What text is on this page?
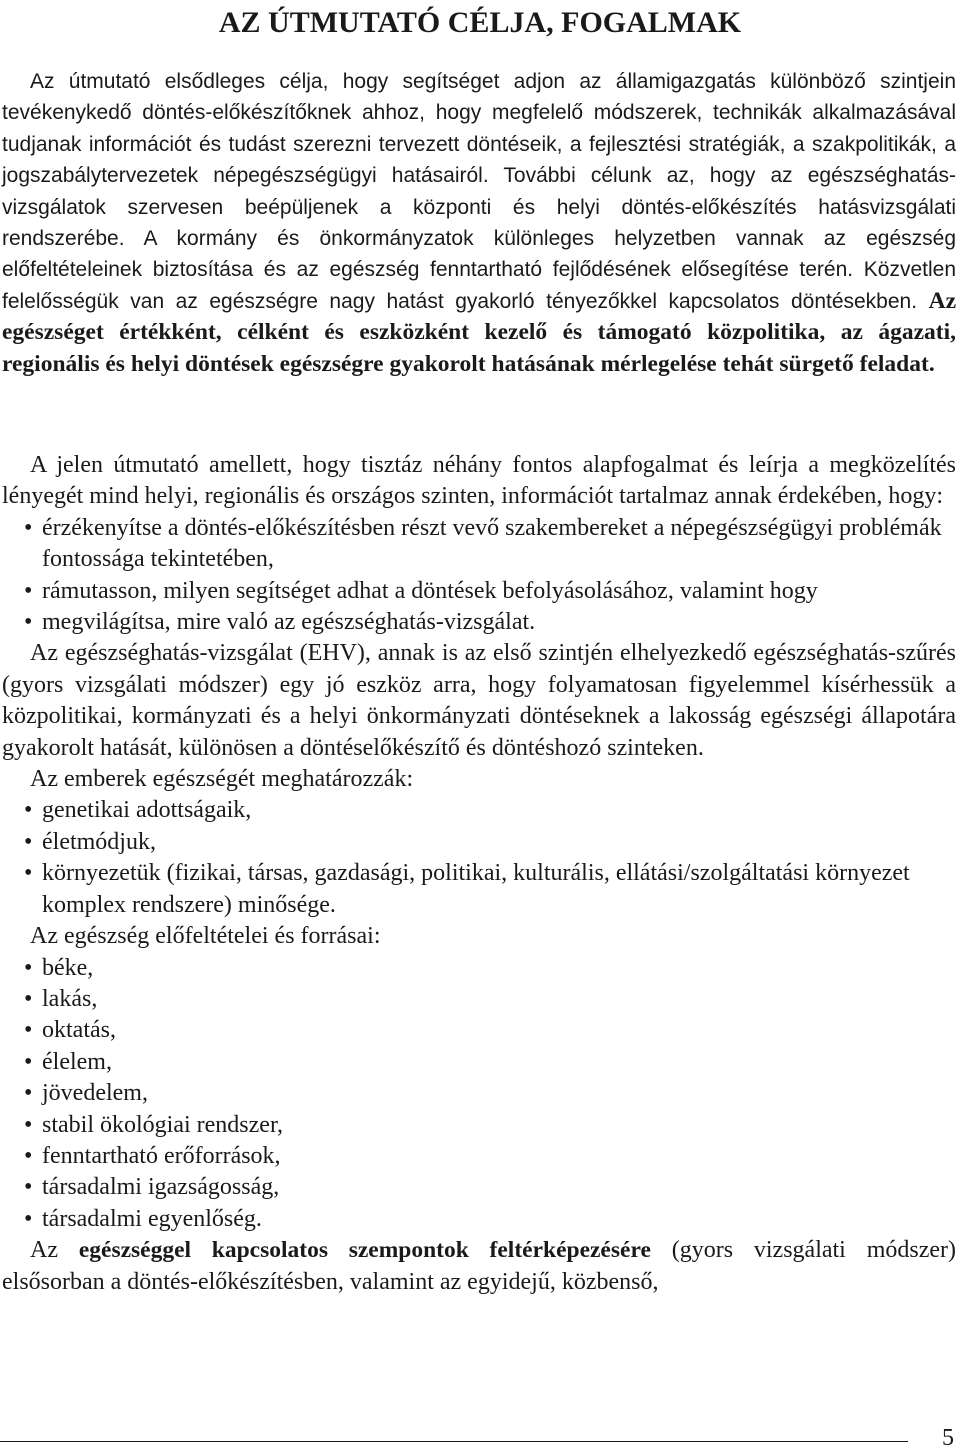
AZ ÚTMUTATÓ CÉLJA, FOGALMAK

Az útmutató elsődleges célja, hogy segítséget adjon az államigazgatás különböző szintjein tevékenykedő döntés-előkészítőknek ahhoz, hogy megfelelő módszerek, technikák alkalmazásával tudjanak információt és tudást szerezni tervezett döntéseik, a fejlesztési stratégiák, a szakpolitikák, a jogszabálytervezetek népegészségügyi hatásairól. További célunk az, hogy az egészséghatás-vizsgálatok szervesen beépüljenek a központi és helyi döntés-előkészítés hatásvizsgálati rendszerébe. A kormány és önkormányzatok különleges helyzetben vannak az egészség előfeltételeinek biztosítása és az egészség fenntartható fejlődésének elősegítése terén. Közvetlen felelősségük van az egészségre nagy hatást gyakorló tényezőkkel kapcsolatos döntésekben. Az egészséget értékként, célként és eszközként kezelő és támogató közpolitika, az ágazati, regionális és helyi döntések egészségre gyakorolt hatásának mérlegelése tehát sürgető feladat.

A jelen útmutató amellett, hogy tisztáz néhány fontos alapfogalmat és leírja a megközelítés lényegét mind helyi, regionális és országos szinten, információt tartalmaz annak érdekében, hogy:

• érzékenyítse a döntés-előkészítésben részt vevő szakembereket a népegészségügyi problémák fontossága tekintetében,
• rámutasson, milyen segítséget adhat a döntések befolyásolásához, valamint hogy
• megvilágítsa, mire való az egészséghatás-vizsgálat.

Az egészséghatás-vizsgálat (EHV), annak is az első szintjén elhelyezkedő egészséghatás-szűrés (gyors vizsgálati módszer) egy jó eszköz arra, hogy folyamatosan figyelemmel kísérhessük a közpolitikai, kormányzati és a helyi önkormányzati döntéseknek a lakosság egészségi állapotára gyakorolt hatását, különösen a döntéselőkészítő és döntéshozó szinteken.

Az emberek egészségét meghatározzák:

• genetikai adottságaik,
• életmódjuk,
• környezetük (fizikai, társas, gazdasági, politikai, kulturális, ellátási/szolgáltatási környezet komplex rendszere) minősége.

Az egészség előfeltételei és forrásai:

• béke,
• lakás,
• oktatás,
• élelem,
• jövedelem,
• stabil ökológiai rendszer,
• fenntartható erőforrások,
• társadalmi igazságosság,
• társadalmi egyenlőség.

Az egészséggel kapcsolatos szempontok feltérképezésére (gyors vizsgálati módszer) elsősorban a döntés-előkészítésben, valamint az egyidejű, közbenső,

5
